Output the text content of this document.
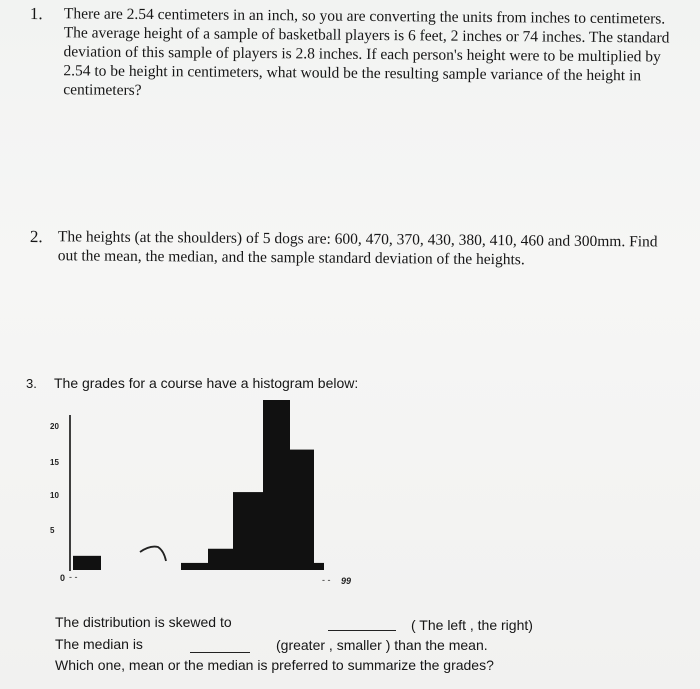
1. There are 2.54 centimeters in an inch, so you are converting the units from inches to centimeters. The average height of a sample of basketball players is 6 feet, 2 inches or 74 inches. The standard deviation of this sample of players is 2.8 inches. If each person's height were to be multiplied by 2.54 to be height in centimeters, what would be the resulting sample variance of the height in centimeters?
2. The heights (at the shoulders) of 5 dogs are: 600, 470, 370, 430, 380, 410, 460 and 300mm. Find out the mean, the median, and the sample standard deviation of the heights.
3. The grades for a course have a histogram below:
20
15
10
5
0 - -	- - 99
The distribution is skewed to	( The left , the right)
The median is	(greater , smaller ) than the mean.
Which one, mean or the median is preferred to summarize the grades?
